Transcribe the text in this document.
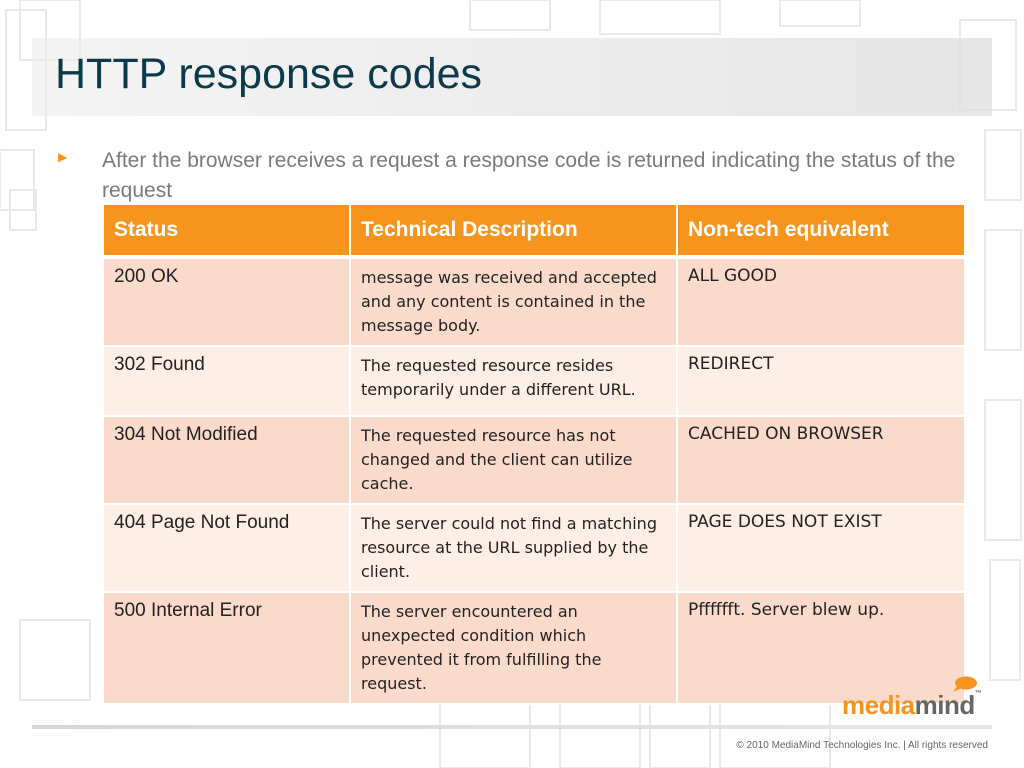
HTTP response codes
▶ After the browser receives a request a response code is returned indicating the status of the request
Status	Technical Description	Non-tech equivalent
200 OK	message was received and accepted and any content is contained in the message body.	ALL GOOD
302 Found	The requested resource resides temporarily under a different URL.	REDIRECT
304 Not Modified	The requested resource has not changed and the client can utilize cache.	CACHED ON BROWSER
404 Page Not Found	The server could not find a matching resource at the URL supplied by the client.	PAGE DOES NOT EXIST
500 Internal Error	The server encountered an unexpected condition which prevented it from fulfilling the request.	Pfffffft. Server blew up.
mediamind™
© 2010 MediaMind Technologies Inc. | All rights reserved
